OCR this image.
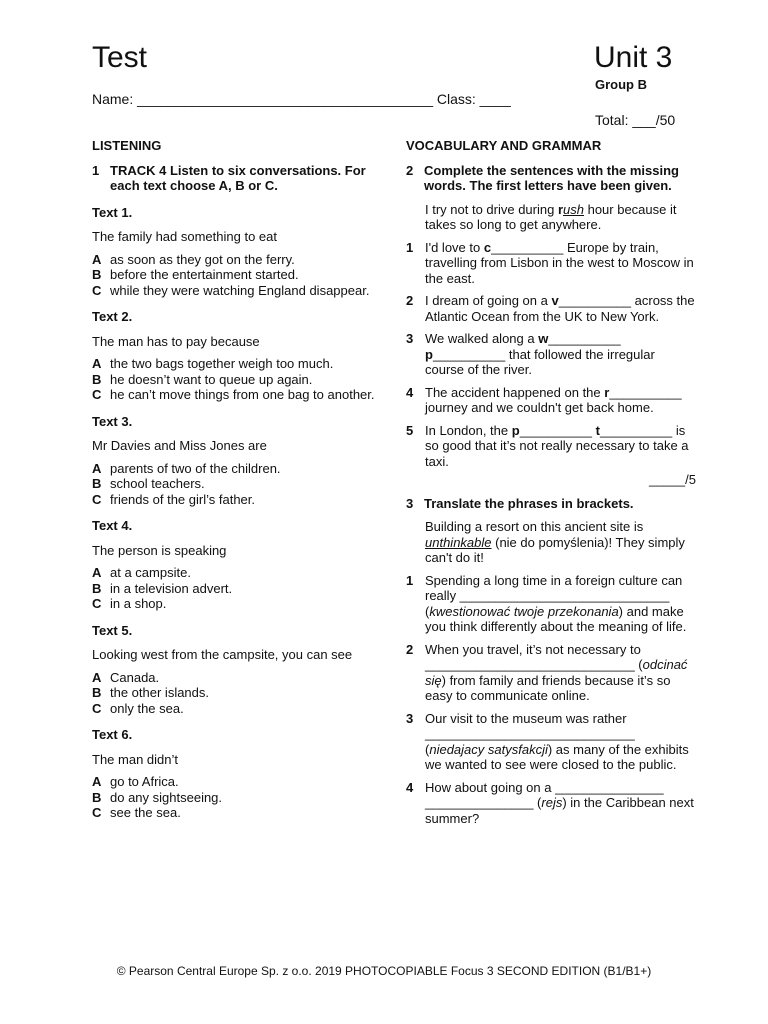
Test	Unit 3
Group B
Name: ______________________________________ Class: ____
Total: ___/50
LISTENING
1 TRACK 4 Listen to six conversations. For each text choose A, B or C.
Text 1.
The family had something to eat
A as soon as they got on the ferry.
B before the entertainment started.
C while they were watching England disappear.
Text 2.
The man has to pay because
A the two bags together weigh too much.
B he doesn’t want to queue up again.
C he can’t move things from one bag to another.
Text 3.
Mr Davies and Miss Jones are
A parents of two of the children.
B school teachers.
C friends of the girl’s father.
Text 4.
The person is speaking
A at a campsite.
B in a television advert.
C in a shop.
Text 5.
Looking west from the campsite, you can see
A Canada.
B the other islands.
C only the sea.
Text 6.
The man didn’t
A go to Africa.
B do any sightseeing.
C see the sea.
VOCABULARY AND GRAMMAR
2 Complete the sentences with the missing words. The first letters have been given.
I try not to drive during rush hour because it takes so long to get anywhere.
1 I'd love to c__________ Europe by train, travelling from Lisbon in the west to Moscow in the east.
2 I dream of going on a v__________ across the Atlantic Ocean from the UK to New York.
3 We walked along a w__________ p__________ that followed the irregular course of the river.
4 The accident happened on the r__________ journey and we couldn't get back home.
5 In London, the p__________ t__________ is so good that it’s not really necessary to take a taxi.
_____/5
3 Translate the phrases in brackets.
Building a resort on this ancient site is unthinkable (nie do pomyślenia)! They simply can't do it!
1 Spending a long time in a foreign culture can really _____________________________ (kwestionować twoje przekonania) and make you think differently about the meaning of life.
2 When you travel, it’s not necessary to _____________________________ (odcinać się) from family and friends because it’s so easy to communicate online.
3 Our visit to the museum was rather _____________________________ (niedajacy satysfakcji) as many of the exhibits we wanted to see were closed to the public.
4 How about going on a _______________ _______________ (rejs) in the Caribbean next summer?
© Pearson Central Europe Sp. z o.o. 2019 PHOTOCOPIABLE Focus 3 SECOND EDITION (B1/B1+)
